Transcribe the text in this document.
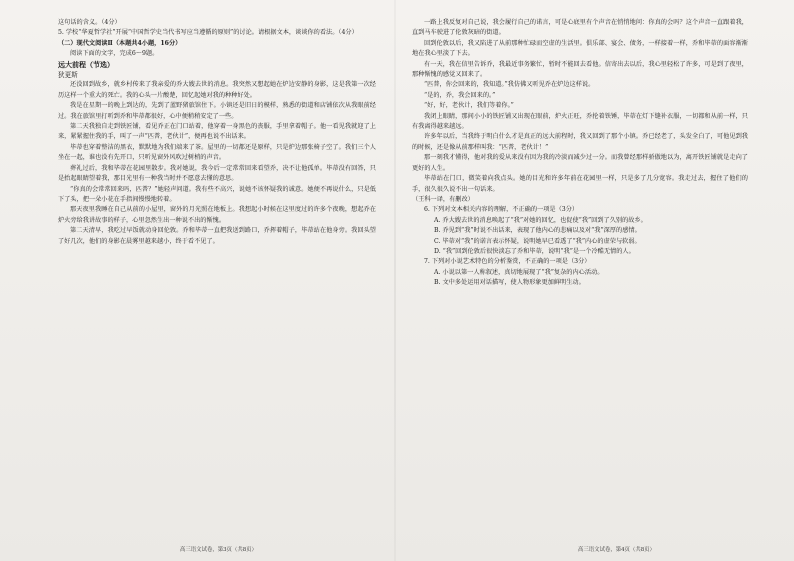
这句话的含义。（4分）

5. 学校“华夏哲学社”开展“中国哲学史当代书写应当遵循的原则”的讨论。请根据文本，谈谈你的看法。（4分）

（二）现代文阅读Ⅱ（本题共4小题，16分）

阅读下面的文字，完成6～9题。

远大前程（节选）

狄更斯

还没回到故乡，就乡村传来了我亲爱的乔大嫂去世的消息。我突然又想起她在炉边安静的身影，这是我第一次经历这样一个重大的死亡。我的心头一片酸楚，回忆起她对我的种种好处。

我是在星期一的晚上到达的，先到了蓝野猪旅馆住下。小镇还是旧日的模样，熟悉的街道和店铺依次从我眼前经过。我在旅馆里打听到乔和毕蒂都很好，心中便稍稍安定了一些。

第二天我独自走到铁匠铺，看见乔正在门口站着，他穿着一身黑色的丧服，手里拿着帽子。他一看见我就迎了上来，紧紧握住我的手，叫了一声“匹普，老伙计”，便再也说不出话来。

毕蒂也穿着整洁的黑衣，默默地为我们端来了茶。屋里的一切都还是原样，只是炉边那张椅子空了。我们三个人坐在一起，谁也没有先开口，只听见窗外风吹过树梢的声音。

葬礼过后，我和毕蒂在花园里散步。我对她说，我今后一定常常回来看望乔，决不让他孤单。毕蒂没有回答，只是抬起眼睛望着我，那目光里有一种我当时并不愿意去懂的意思。

“你真的会常常回来吗，匹普？”她轻声问道。我有些不高兴，说她不该怀疑我的诚意。她便不再说什么，只是低下了头，把一朵小花在手指间慢慢地转着。

那天夜里我睡在自己从前的小屋里，窗外的月光照在地板上。我想起小时候在这里度过的许多个夜晚，想起乔在炉火旁给我讲故事的样子，心里忽然生出一种说不出的惭愧。

第二天清早，我吃过早饭就动身回伦敦。乔和毕蒂一直把我送到路口，乔挥着帽子，毕蒂站在他身旁。我回头望了好几次，他们的身影在晨雾里越来越小，终于看不见了。

高三语文试卷，第3页（共8页）

一路上我反复对自己说，我会履行自己的诺言，可是心底里有个声音在悄悄地问：你真的会吗？这个声音一直跟着我，直到马车驶进了伦敦灰暗的街道。

回到伦敦以后，我又陷进了从前那种忙碌而空虚的生活里。俱乐部、宴会、债务，一样接着一样，乔和毕蒂的面容渐渐地在我心里淡了下去。

有一天，我在信里告诉乔，我最近事务繁忙，暂时不能回去看他。信寄出去以后，我心里轻松了许多，可是到了夜里，那种惭愧的感觉又回来了。

“匹普，你会回来的，我知道。”我仿佛又听见乔在炉边这样说。

“是的，乔，我会回来的。”

“好，好，老伙计，我们等着你。”

我闭上眼睛，那间小小的铁匠铺又出现在眼前，炉火正旺，乔抡着铁锤，毕蒂在灯下缝补衣服，一切都和从前一样，只有我离得越来越远。

许多年以后，当我终于明白什么才是真正的远大前程时，我又回到了那个小镇。乔已经老了，头发全白了，可他见到我的时候，还是像从前那样叫我：“匹普，老伙计！”

那一刻我才懂得，他对我的爱从来没有因为我的冷淡而减少过一分。而我曾经那样骄傲地以为，离开铁匠铺就是走向了更好的人生。

毕蒂站在门口，微笑着向我点头。她的目光和许多年前在花园里一样，只是多了几分宽容。我走过去，握住了他们的手，很久很久说不出一句话来。

（王科一译，有删改）

6. 下列对文本相关内容的理解，不正确的一项是（3分）

A. 乔大嫂去世的消息唤起了“我”对她的回忆，也促使“我”回到了久别的故乡。

B. 乔见到“我”时说不出话来，表现了他内心的悲痛以及对“我”深厚的感情。

C. 毕蒂对“我”的诺言表示怀疑，说明她早已看透了“我”内心的虚荣与软弱。

D. “我”回到伦敦后很快淡忘了乔和毕蒂，说明“我”是一个冷酷无情的人。

7. 下列对小说艺术特色的分析鉴赏，不正确的一项是（3分）

A. 小说以第一人称叙述，真切地展现了“我”复杂的内心活动。

B. 文中多处运用对话描写，使人物形象更加鲜明生动。

高三语文试卷，第4页（共8页）
